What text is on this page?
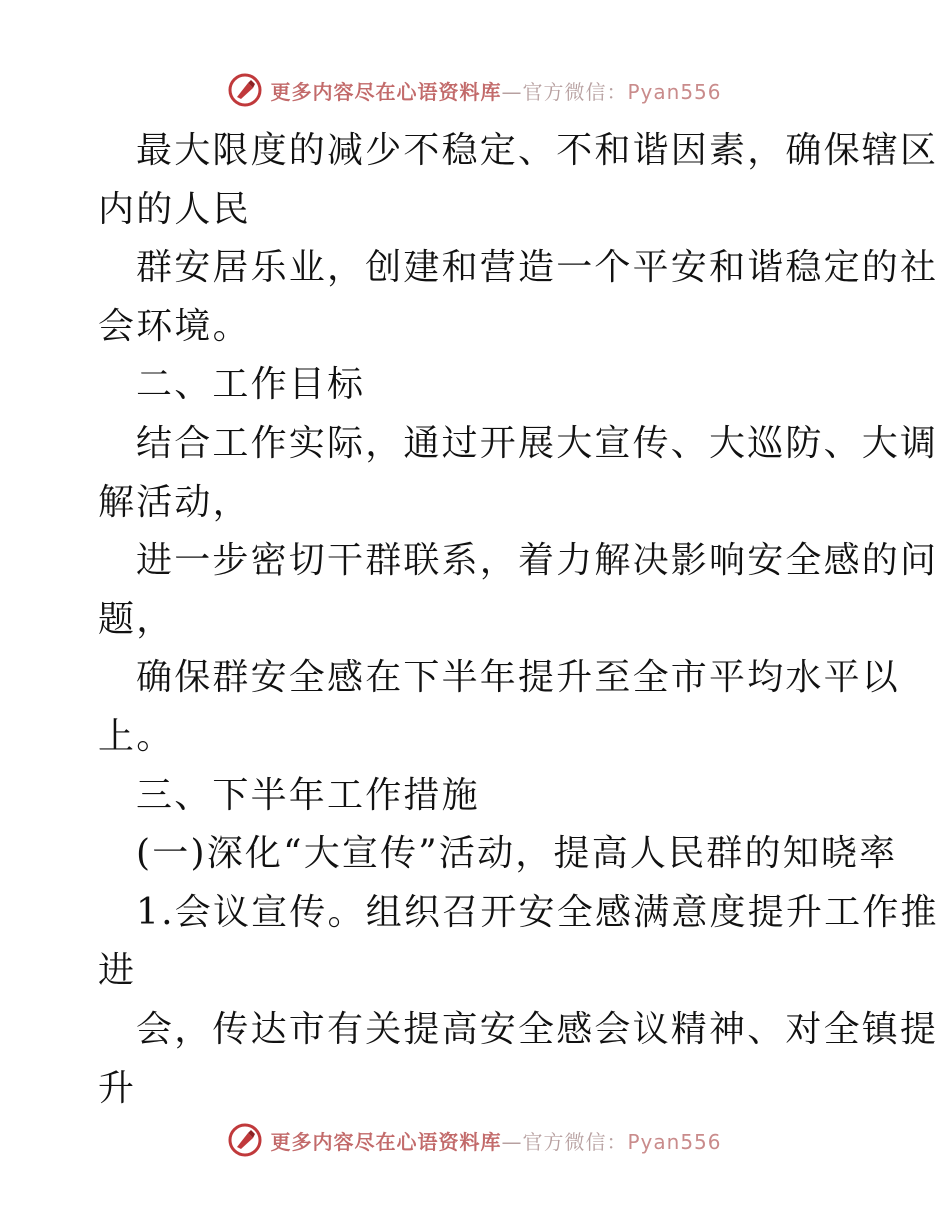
更多内容尽在心语资料库—官方微信：Pyan556

最大限度的减少不稳定、不和谐因素，确保辖区

内的人民

群安居乐业，创建和营造一个平安和谐稳定的社

会环境。

二、工作目标

结合工作实际，通过开展大宣传、大巡防、大调

解活动，

进一步密切干群联系，着力解决影响安全感的问

题，

确保群安全感在下半年提升至全市平均水平以

上。

三、下半年工作措施

(一)深化“大宣传”活动，提高人民群的知晓率

1.会议宣传。组织召开安全感满意度提升工作推

进

会，传达市有关提高安全感会议精神、对全镇提

升

更多内容尽在心语资料库—官方微信：Pyan556
